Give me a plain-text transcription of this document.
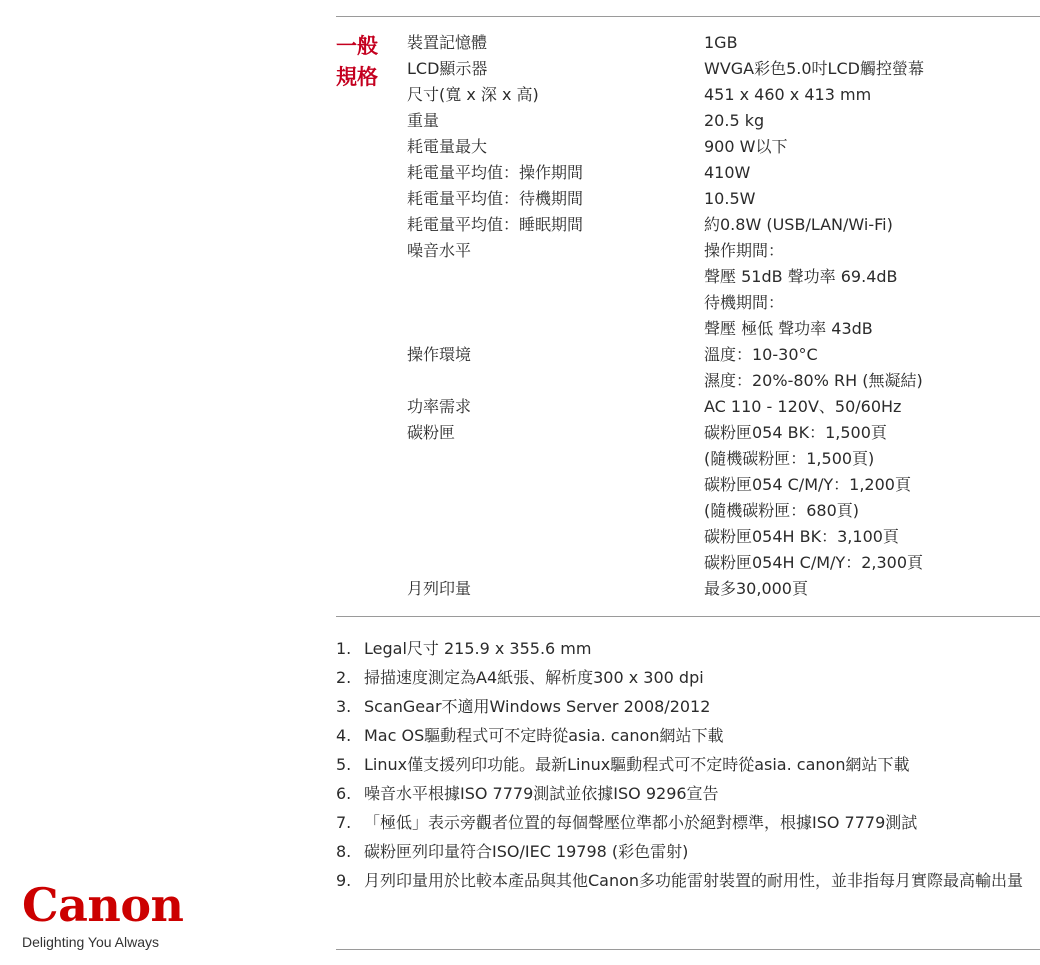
一般
規格
裝置記憶體	1GB
LCD顯示器	WVGA彩色5.0吋LCD觸控螢幕
尺寸(寬 x 深 x 高)	451 x 460 x 413 mm
重量	20.5 kg
耗電量最大	900 W以下
耗電量平均值：操作期間	410W
耗電量平均值：待機期間	10.5W
耗電量平均值：睡眠期間	約0.8W (USB/LAN/Wi-Fi)
噪音水平	操作期間：
聲壓 51dB 聲功率 69.4dB
待機期間：
聲壓 極低 聲功率 43dB
操作環境	溫度：10-30°C
濕度：20%-80% RH (無凝結)
功率需求	AC 110 - 120V、50/60Hz
碳粉匣	碳粉匣054 BK：1,500頁
(隨機碳粉匣：1,500頁)
碳粉匣054 C/M/Y：1,200頁
(隨機碳粉匣：680頁)
碳粉匣054H BK：3,100頁
碳粉匣054H C/M/Y：2,300頁
月列印量	最多30,000頁
1. Legal尺寸 215.9 x 355.6 mm
2. 掃描速度測定為A4紙張、解析度300 x 300 dpi
3. ScanGear不適用Windows Server 2008/2012
4. Mac OS驅動程式可不定時從asia. canon網站下載
5. Linux僅支援列印功能。最新Linux驅動程式可不定時從asia. canon網站下載
6. 噪音水平根據ISO 7779測試並依據ISO 9296宣告
7. 「極低」表示旁觀者位置的每個聲壓位準都小於絕對標準，根據ISO 7779測試
8. 碳粉匣列印量符合ISO/IEC 19798 (彩色雷射)
9. 月列印量用於比較本產品與其他Canon多功能雷射裝置的耐用性，並非指每月實際最高輸出量
Canon
Delighting You Always
